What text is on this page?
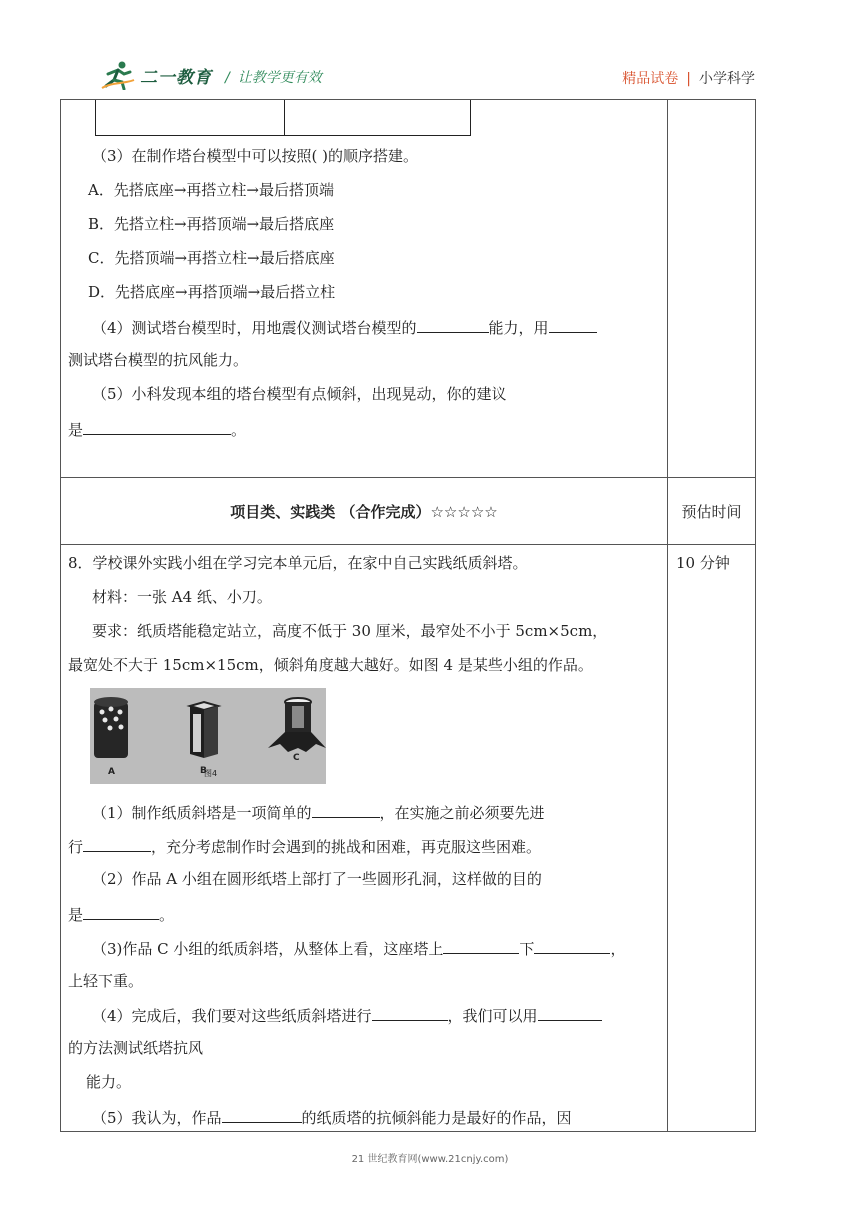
二一教育 / 让教学更有效	精品试卷 | 小学科学
（3）在制作塔台模型中可以按照( )的顺序搭建。
A．先搭底座→再搭立柱→最后搭顶端
B．先搭立柱→再搭顶端→最后搭底座
C．先搭顶端→再搭立柱→最后搭底座
D．先搭底座→再搭顶端→最后搭立柱
（4）测试塔台模型时，用地震仪测试塔台模型的	能力，用
测试塔台模型的抗风能力。
（5）小科发现本组的塔台模型有点倾斜，出现晃动，你的建议
是	。
项目类、实践类 （合作完成）☆☆☆☆☆	预估时间
10 分钟
8．学校课外实践小组在学习完本单元后，在家中自己实践纸质斜塔。
材料：一张 A4 纸、小刀。
要求：纸质塔能稳定站立，高度不低于 30 厘米，最窄处不小于 5cm×5cm，
最宽处不大于 15cm×15cm，倾斜角度越大越好。如图 4 是某些小组的作品。
A	B
C
图4
（1）制作纸质斜塔是一项简单的	，在实施之前必须要先进
行	，充分考虑制作时会遇到的挑战和困难，再克服这些困难。
（2）作品 A 小组在圆形纸塔上部打了一些圆形孔洞，这样做的目的
是	。
（3)作品 C 小组的纸质斜塔，从整体上看，这座塔上	下	，
上轻下重。
（4）完成后，我们要对这些纸质斜塔进行	，我们可以用
的方法测试纸塔抗风
能力。
（5）我认为，作品	的纸质塔的抗倾斜能力是最好的作品，因
21 世纪教育网(www.21cnjy.com)
